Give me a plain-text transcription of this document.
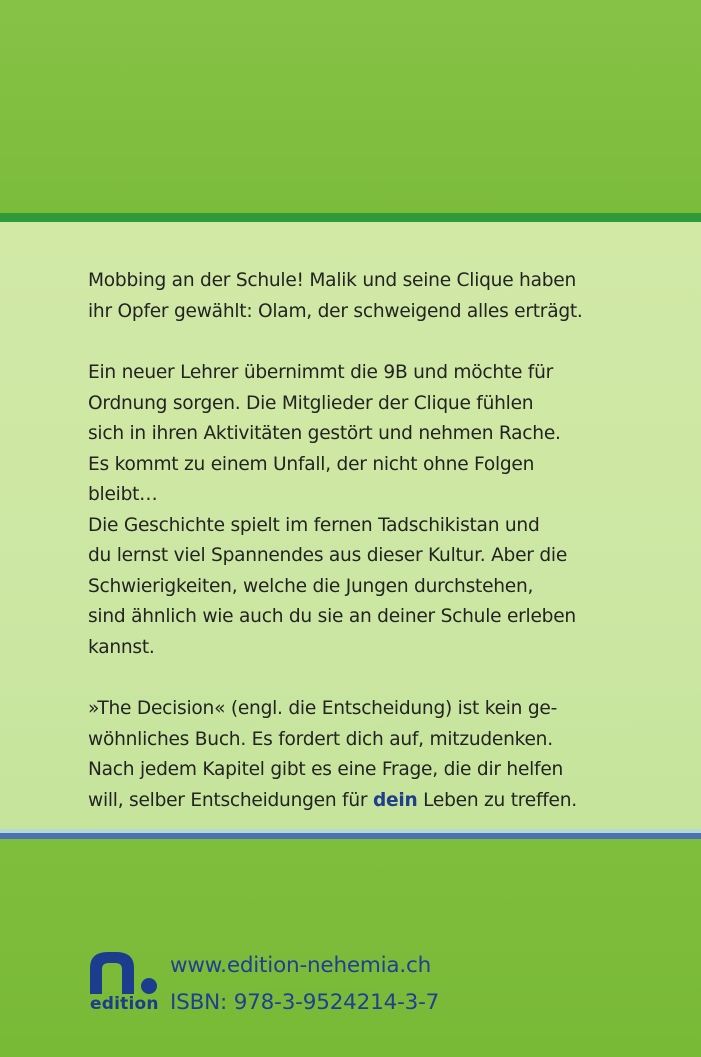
Mobbing an der Schule! Malik und seine Clique haben
ihr Opfer gewählt: Olam, der schweigend alles erträgt.

Ein neuer Lehrer übernimmt die 9B und möchte für
Ordnung sorgen. Die Mitglieder der Clique fühlen
sich in ihren Aktivitäten gestört und nehmen Rache.
Es kommt zu einem Unfall, der nicht ohne Folgen
bleibt…

Die Geschichte spielt im fernen Tadschikistan und
du lernst viel Spannendes aus dieser Kultur. Aber die
Schwierigkeiten, welche die Jungen durchstehen,
sind ähnlich wie auch du sie an deiner Schule erleben
kannst.

»The Decision« (engl. die Entscheidung) ist kein ge-
wöhnliches Buch. Es fordert dich auf, mitzudenken.
Nach jedem Kapitel gibt es eine Frage, die dir helfen
will, selber Entscheidungen für dein Leben zu treffen.

edition
www.edition-nehemia.ch
ISBN: 978-3-9524214-3-7
